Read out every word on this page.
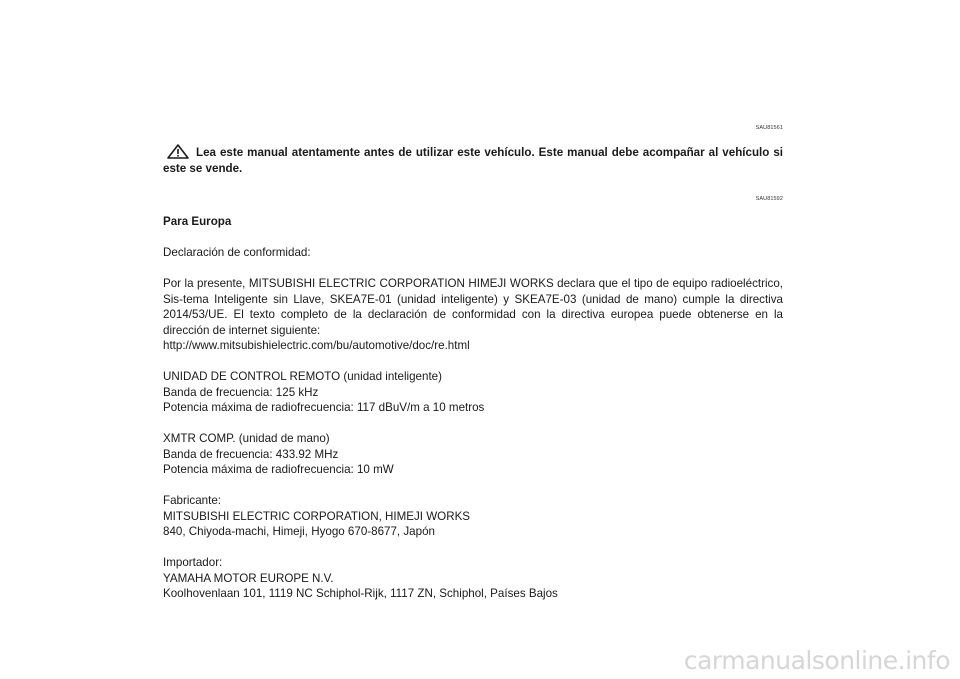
SAU81561
Lea este manual atentamente antes de utilizar este vehículo. Este manual debe acompañar al vehículo si este se vende.
SAU81592
Para Europa
Declaración de conformidad:
Por la presente, MITSUBISHI ELECTRIC CORPORATION HIMEJI WORKS declara que el tipo de equipo radioeléctrico, Sis-tema Inteligente sin Llave, SKEA7E-01 (unidad inteligente) y SKEA7E-03 (unidad de mano) cumple la directiva 2014/53/UE. El texto completo de la declaración de conformidad con la directiva europea puede obtenerse en la dirección de internet siguiente:
http://www.mitsubishielectric.com/bu/automotive/doc/re.html
UNIDAD DE CONTROL REMOTO (unidad inteligente)
Banda de frecuencia: 125 kHz
Potencia máxima de radiofrecuencia: 117 dBuV/m a 10 metros
XMTR COMP. (unidad de mano)
Banda de frecuencia: 433.92 MHz
Potencia máxima de radiofrecuencia: 10 mW
Fabricante:
MITSUBISHI ELECTRIC CORPORATION, HIMEJI WORKS
840, Chiyoda-machi, Himeji, Hyogo 670-8677, Japón
Importador:
YAMAHA MOTOR EUROPE N.V.
Koolhovenlaan 101, 1119 NC Schiphol-Rijk, 1117 ZN, Schiphol, Países Bajos
carmanualsonline.info
